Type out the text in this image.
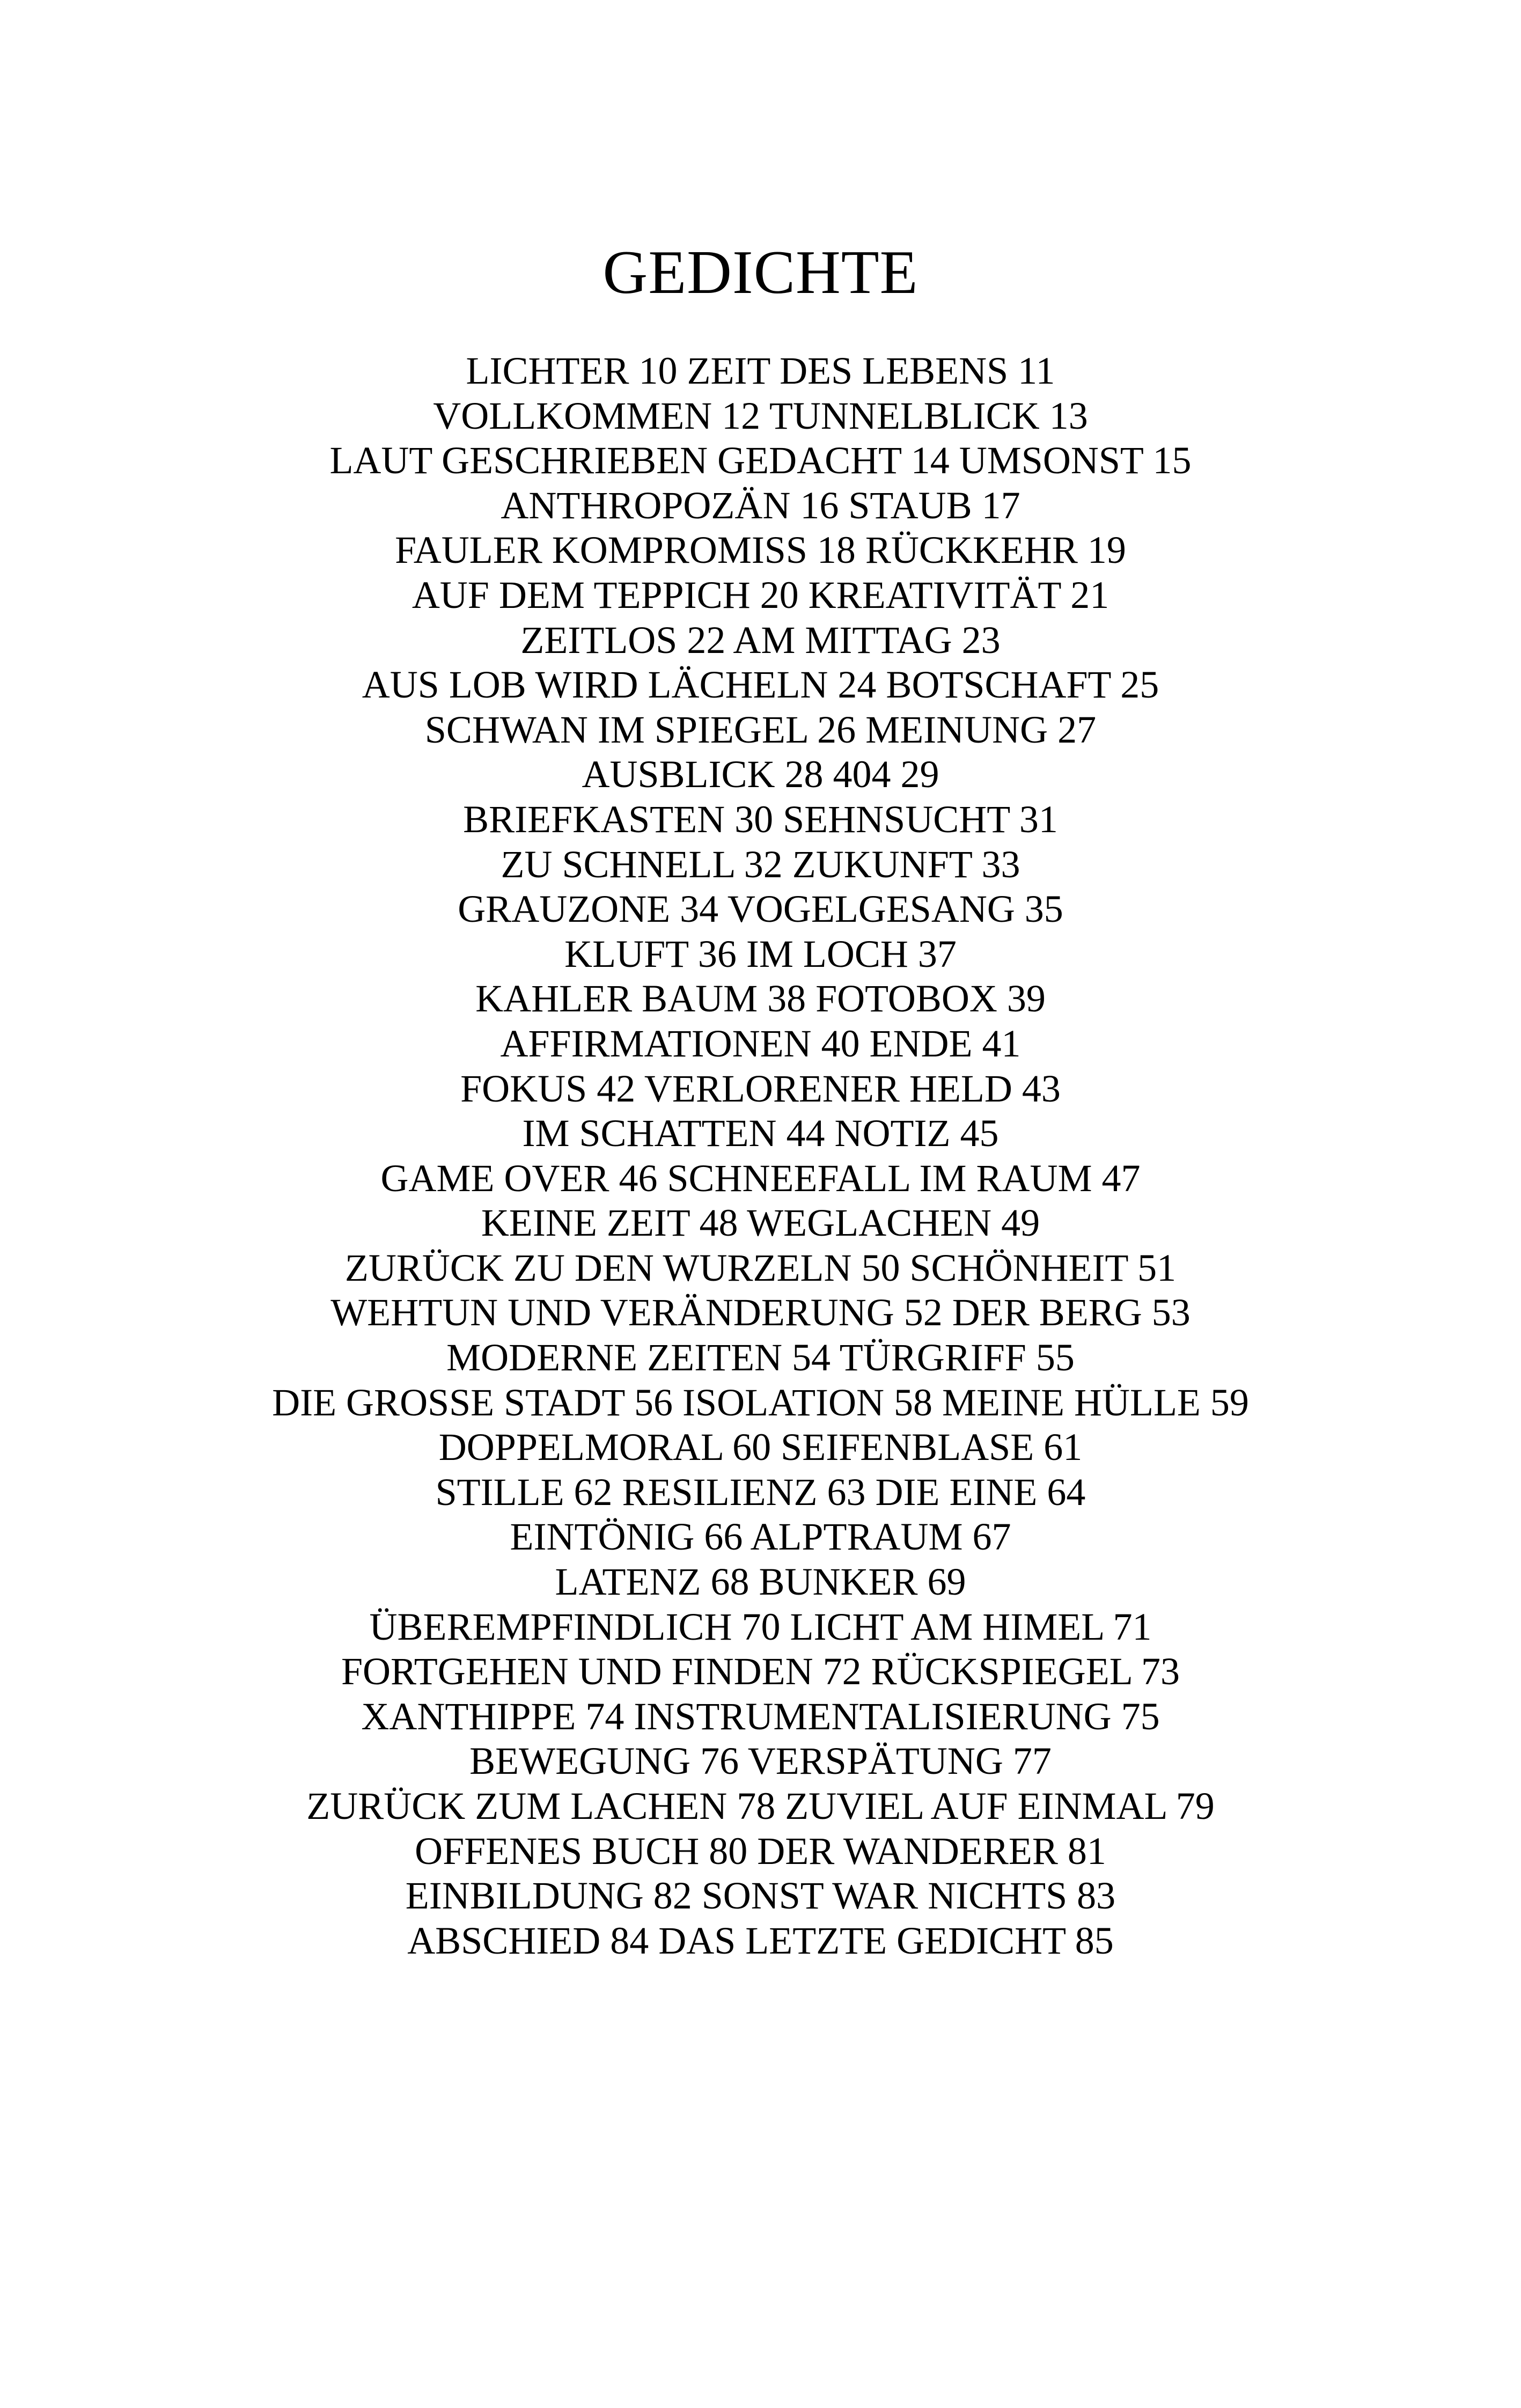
GEDICHTE
LICHTER 10 ZEIT DES LEBENS 11
VOLLKOMMEN 12 TUNNELBLICK 13
LAUT GESCHRIEBEN GEDACHT 14 UMSONST 15
ANTHROPOZÄN 16 STAUB 17
FAULER KOMPROMISS 18 RÜCKKEHR 19
AUF DEM TEPPICH 20 KREATIVITÄT 21
ZEITLOS 22 AM MITTAG 23
AUS LOB WIRD LÄCHELN 24 BOTSCHAFT 25
SCHWAN IM SPIEGEL 26 MEINUNG 27
AUSBLICK 28 404 29
BRIEFKASTEN 30 SEHNSUCHT 31
ZU SCHNELL 32 ZUKUNFT 33
GRAUZONE 34 VOGELGESANG 35
KLUFT 36 IM LOCH 37
KAHLER BAUM 38 FOTOBOX 39
AFFIRMATIONEN 40 ENDE 41
FOKUS 42 VERLORENER HELD 43
IM SCHATTEN 44 NOTIZ 45
GAME OVER 46 SCHNEEFALL IM RAUM 47
KEINE ZEIT 48 WEGLACHEN 49
ZURÜCK ZU DEN WURZELN 50 SCHÖNHEIT 51
WEHTUN UND VERÄNDERUNG 52 DER BERG 53
MODERNE ZEITEN 54 TÜRGRIFF 55
DIE GROSSE STADT 56 ISOLATION 58 MEINE HÜLLE 59
DOPPELMORAL 60 SEIFENBLASE 61
STILLE 62 RESILIENZ 63 DIE EINE 64
EINTÖNIG 66 ALPTRAUM 67
LATENZ 68 BUNKER 69
ÜBEREMPFINDLICH 70 LICHT AM HIMEL 71
FORTGEHEN UND FINDEN 72 RÜCKSPIEGEL 73
XANTHIPPE 74 INSTRUMENTALISIERUNG 75
BEWEGUNG 76 VERSPÄTUNG 77
ZURÜCK ZUM LACHEN 78 ZUVIEL AUF EINMAL 79
OFFENES BUCH 80 DER WANDERER 81
EINBILDUNG 82 SONST WAR NICHTS 83
ABSCHIED 84 DAS LETZTE GEDICHT 85
